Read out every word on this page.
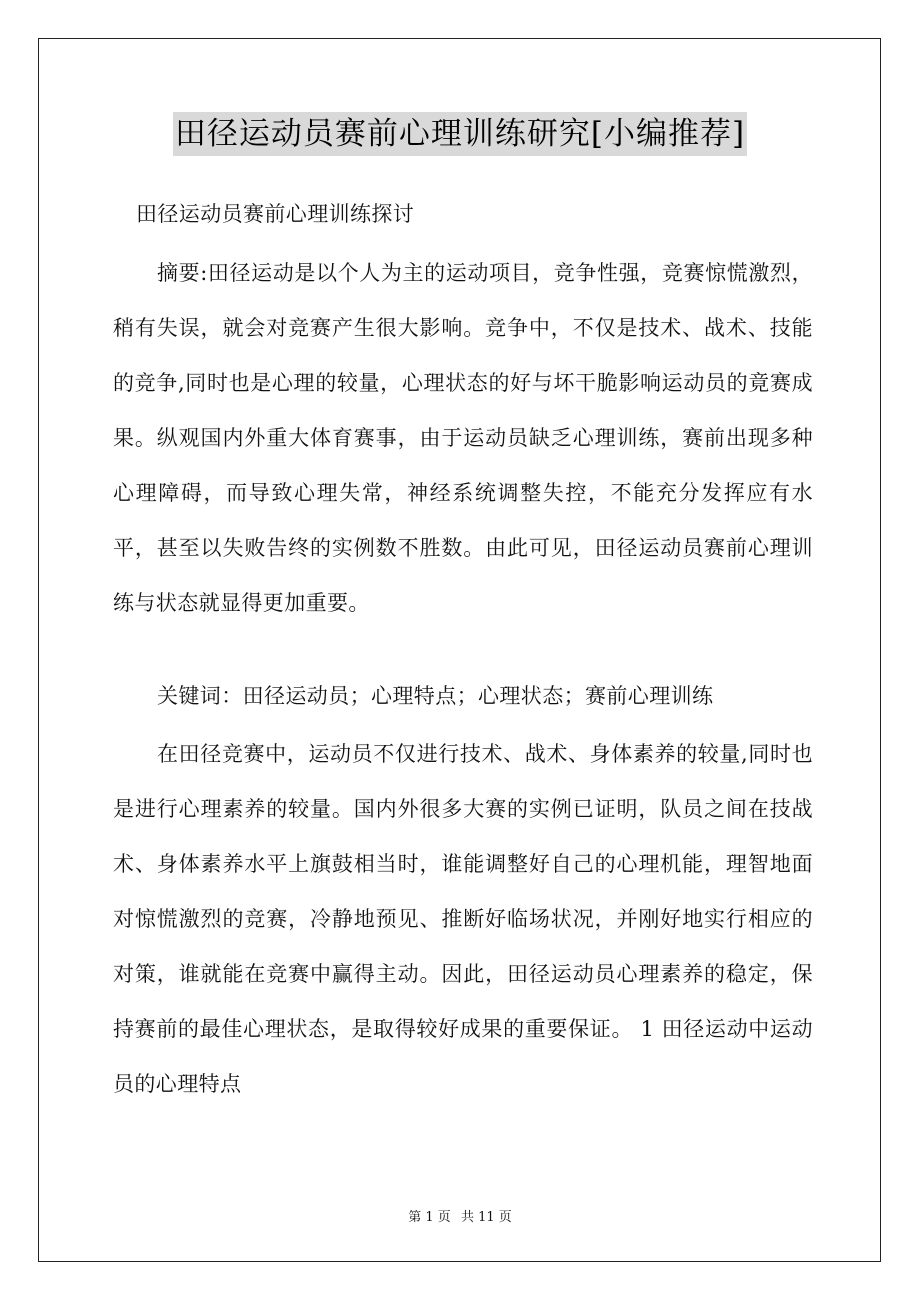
田径运动员赛前心理训练研究[小编推荐]

田径运动员赛前心理训练探讨

摘要:田径运动是以个人为主的运动项目，竞争性强，竞赛惊慌激烈，稍有失误，就会对竞赛产生很大影响。竞争中，不仅是技术、战术、技能的竞争,同时也是心理的较量，心理状态的好与坏干脆影响运动员的竟赛成果。纵观国内外重大体育赛事，由于运动员缺乏心理训练，赛前出现多种心理障碍，而导致心理失常，神经系统调整失控，不能充分发挥应有水平，甚至以失败告终的实例数不胜数。由此可见，田径运动员赛前心理训练与状态就显得更加重要。

关键词：田径运动员；心理特点；心理状态；赛前心理训练

在田径竞赛中，运动员不仅进行技术、战术、身体素养的较量,同时也是进行心理素养的较量。国内外很多大赛的实例已证明，队员之间在技战术、身体素养水平上旗鼓相当时，谁能调整好自己的心理机能，理智地面对惊慌激烈的竞赛，冷静地预见、推断好临场状况，并刚好地实行相应的对策，谁就能在竞赛中赢得主动。因此，田径运动员心理素养的稳定，保持赛前的最佳心理状态，是取得较好成果的重要保证。 1 田径运动中运动员的心理特点

第 1 页 共 11 页
